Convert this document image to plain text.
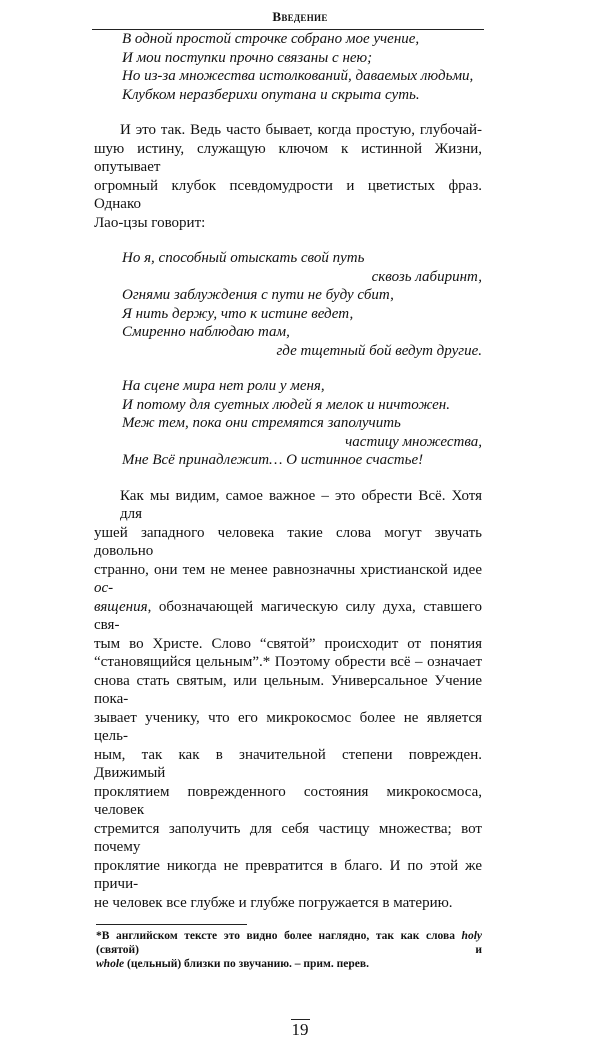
Введение
В одной простой строчке собрано мое учение,
И мои поступки прочно связаны с нею;
Но из-за множества истолкований, даваемых людьми,
Клубком неразберихи опутана и скрыта суть.
И это так. Ведь часто бывает, когда простую, глубочай-
шую истину, служащую ключом к истинной Жизни, опутывает
огромный клубок псевдомудрости и цветистых фраз. Однако
Лао-цзы говорит:
Но я, способный отыскать свой путь
сквозь лабиринт,
Огнями заблуждения с пути не буду сбит,
Я нить держу, что к истине ведет,
Смиренно наблюдаю там,
где тщетный бой ведут другие.
На сцене мира нет роли у меня,
И потому для суетных людей я мелок и ничтожен.
Меж тем, пока они стремятся заполучить
частицу множества,
Мне Всё принадлежит… О истинное счастье!
Как мы видим, самое важное – это обрести Всё. Хотя для
ушей западного человека такие слова могут звучать довольно
странно, они тем не менее равнозначны христианской идее ос-
вящения, обозначающей магическую силу духа, ставшего свя-
тым во Христе. Слово “святой” происходит от понятия
“становящийся цельным”.* Поэтому обрести всё – означает
снова стать святым, или цельным. Универсальное Учение пока-
зывает ученику, что его микрокосмос более не является цель-
ным, так как в значительной степени поврежден. Движимый
проклятием поврежденного состояния микрокосмоса, человек
стремится заполучить для себя частицу множества; вот почему
проклятие никогда не превратится в благо. И по этой же причи-
не человек все глубже и глубже погружается в материю.
*В английском тексте это видно более наглядно, так как слова holy (святой) и
whole (цельный) близки по звучанию. – прим. перев.
19
